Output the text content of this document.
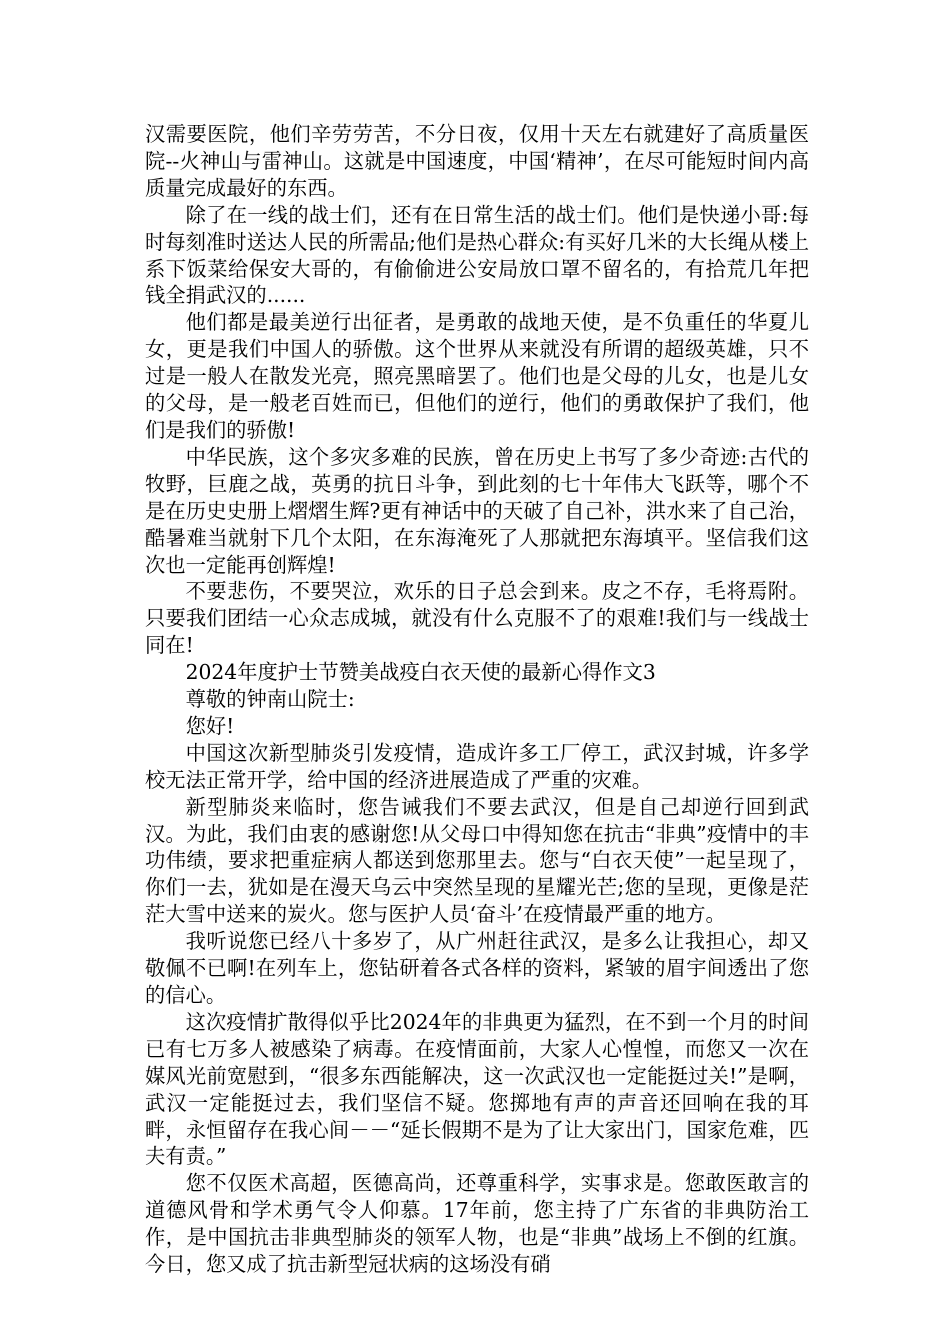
汉需要医院，他们辛劳劳苦，不分日夜，仅用十天左右就建好了高质量医院--火神山与雷神山。这就是中国速度，中国‘精神’，在尽可能短时间内高质量完成最好的东西。

除了在一线的战士们，还有在日常生活的战士们。他们是快递小哥:每时每刻准时送达人民的所需品;他们是热心群众:有买好几米的大长绳从楼上系下饭菜给保安大哥的，有偷偷进公安局放口罩不留名的，有拾荒几年把钱全捐武汉的......

他们都是最美逆行出征者，是勇敢的战地天使，是不负重任的华夏儿女，更是我们中国人的骄傲。这个世界从来就没有所谓的超级英雄，只不过是一般人在散发光亮，照亮黑暗罢了。他们也是父母的儿女，也是儿女的父母，是一般老百姓而已，但他们的逆行，他们的勇敢保护了我们，他们是我们的骄傲!

中华民族，这个多灾多难的民族，曾在历史上书写了多少奇迹:古代的牧野，巨鹿之战，英勇的抗日斗争，到此刻的七十年伟大飞跃等，哪个不是在历史史册上熠熠生辉?更有神话中的天破了自己补，洪水来了自己治，酷暑难当就射下几个太阳，在东海淹死了人那就把东海填平。坚信我们这次也一定能再创辉煌!

不要悲伤，不要哭泣，欢乐的日子总会到来。皮之不存，毛将焉附。只要我们团结一心众志成城，就没有什么克服不了的艰难!我们与一线战士同在!

2024年度护士节赞美战疫白衣天使的最新心得作文3

尊敬的钟南山院士:

您好!

中国这次新型肺炎引发疫情，造成许多工厂停工，武汉封城，许多学校无法正常开学，给中国的经济进展造成了严重的灾难。

新型肺炎来临时，您告诫我们不要去武汉，但是自己却逆行回到武汉。为此，我们由衷的感谢您!从父母口中得知您在抗击“非典”疫情中的丰功伟绩，要求把重症病人都送到您那里去。您与“白衣天使”一起呈现了，你们一去，犹如是在漫天乌云中突然呈现的星耀光芒;您的呈现，更像是茫茫大雪中送来的炭火。您与医护人员‘奋斗’在疫情最严重的地方。

我听说您已经八十多岁了，从广州赶往武汉，是多么让我担心，却又敬佩不已啊!在列车上，您钻研着各式各样的资料，紧皱的眉宇间透出了您的信心。

这次疫情扩散得似乎比2024年的非典更为猛烈，在不到一个月的时间已有七万多人被感染了病毒。在疫情面前，大家人心惶惶，而您又一次在媒风光前宽慰到，“很多东西能解决，这一次武汉也一定能挺过关!”是啊，武汉一定能挺过去，我们坚信不疑。您掷地有声的声音还回响在我的耳畔，永恒留存在我心间－－“延长假期不是为了让大家出门，国家危难，匹夫有责。”

您不仅医术高超，医德高尚，还尊重科学，实事求是。您敢医敢言的道德风骨和学术勇气令人仰慕。17年前，您主持了广东省的非典防治工作，是中国抗击非典型肺炎的领军人物，也是“非典”战场上不倒的红旗。今日，您又成了抗击新型冠状病的这场没有硝
